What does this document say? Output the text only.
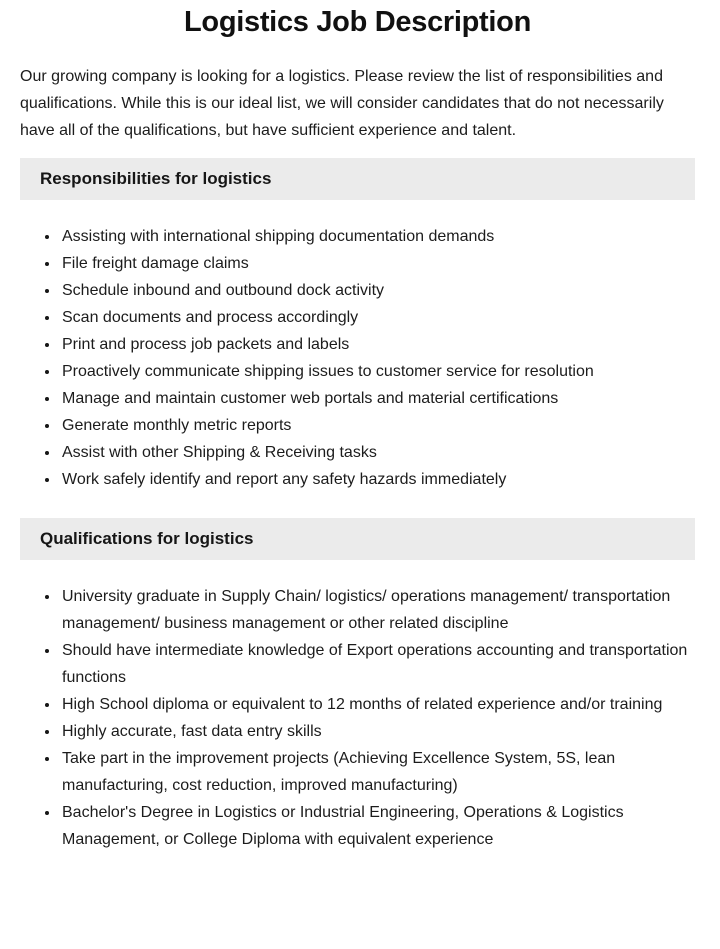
Logistics Job Description

Our growing company is looking for a logistics. Please review the list of responsibilities and qualifications. While this is our ideal list, we will consider candidates that do not necessarily have all of the qualifications, but have sufficient experience and talent.

Responsibilities for logistics
• Assisting with international shipping documentation demands
• File freight damage claims
• Schedule inbound and outbound dock activity
• Scan documents and process accordingly
• Print and process job packets and labels
• Proactively communicate shipping issues to customer service for resolution
• Manage and maintain customer web portals and material certifications
• Generate monthly metric reports
• Assist with other Shipping & Receiving tasks
• Work safely identify and report any safety hazards immediately
Qualifications for logistics
• University graduate in Supply Chain/ logistics/ operations management/ transportation management/ business management or other related discipline
• Should have intermediate knowledge of Export operations accounting and transportation functions
• High School diploma or equivalent to 12 months of related experience and/or training
• Highly accurate, fast data entry skills
• Take part in the improvement projects (Achieving Excellence System, 5S, lean manufacturing, cost reduction, improved manufacturing)
• Bachelor's Degree in Logistics or Industrial Engineering, Operations & Logistics Management, or College Diploma with equivalent experience
